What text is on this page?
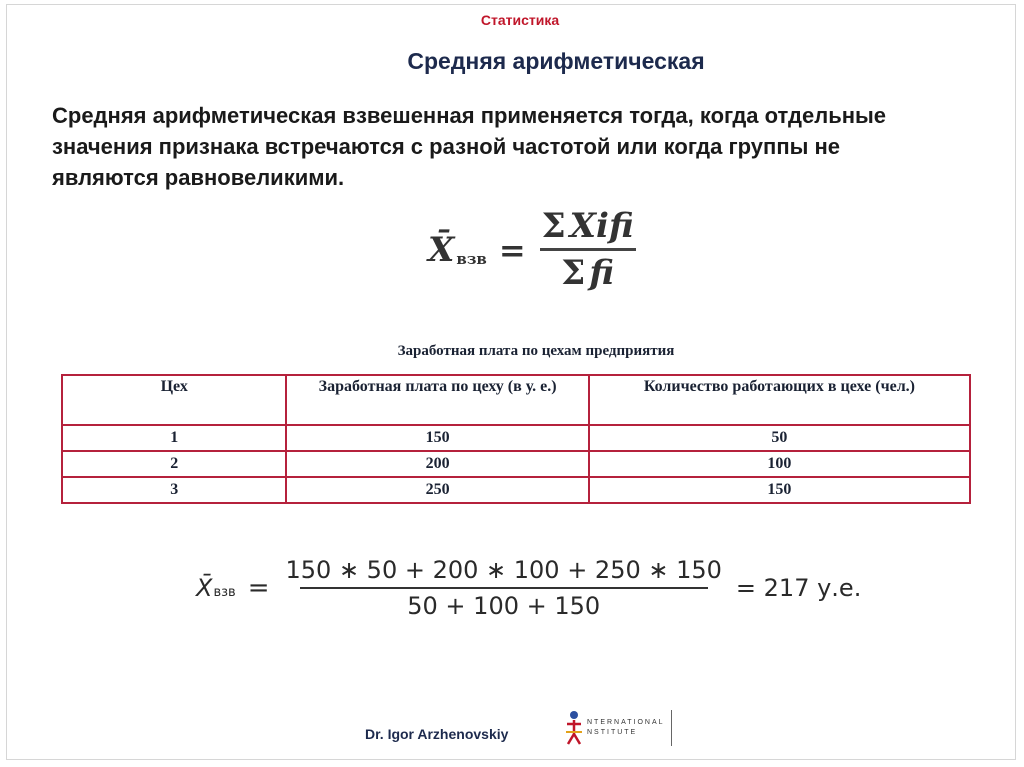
Статистика
Средняя арифметическая
Средняя арифметическая взвешенная применяется тогда, когда отдельные значения признака встречаются с разной частотой или когда группы не являются равновеликими.
X̄ взв = $\frac{\text{Σ Xifi}}{\text{Σ fi}}$
Заработная плата по цехам предприятия
Цех	Заработная плата по цеху (в у. е.)	Количество работающих в цехе (чел.)
1	150	50
2	200	100
3	250	150
X̄ взв = $\frac{150 ∗ 50 + 200 ∗ 100 + 250 ∗ 150}{50 + 100 + 150} = 217$ у.е.
Dr. Igor Arzhenovskiy
NTERNATIONAL
NSTITUTE
